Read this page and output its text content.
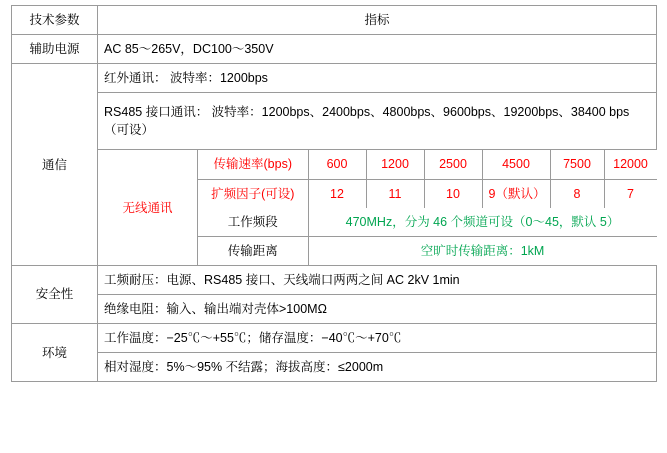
技术参数	指标
辅助电源	AC 85～265V，DC100～350V
通信	红外通讯： 波特率：1200bps
RS485 接口通讯： 波特率：1200bps、2400bps、4800bps、9600bps、19200bps、38400 bps（可设）
无线通讯	
传输速率(bps)	600	1200	2500	4500	7500	12000

扩频因子(可设)	12	11	10	9（默认）	8	7

工作频段	470MHz，分为 46 个频道可设（0～45，默认 5）

传输距离	空旷时传输距离：1kM

安全性	工频耐压：电源、RS485 接口、天线端口两两之间 AC 2kV 1min
绝缘电阻：输入、输出端对壳体>100MΩ
环境	工作温度：−25℃～+55℃；储存温度：−40℃～+70℃
相对湿度：5%～95% 不结露；海拔高度：≤2000m
